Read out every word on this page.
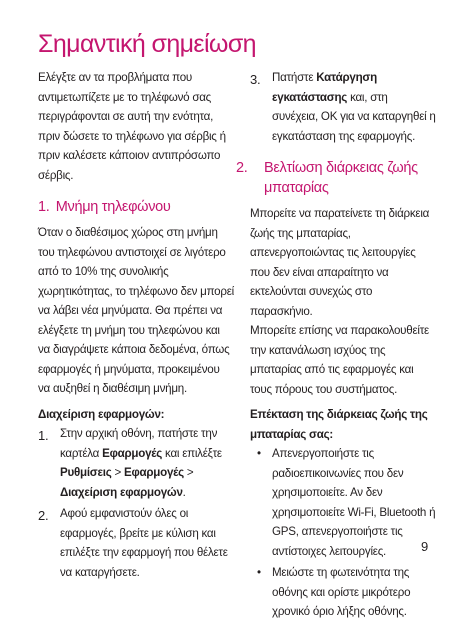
Σημαντική σημείωση

Ελέγξτε αν τα προβλήματα που αντιμετωπίζετε με το τηλέφωνό σας περιγράφονται σε αυτή την ενότητα, πριν δώσετε το τηλέφωνο για σέρβις ή πριν καλέσετε κάποιον αντιπρόσωπο σέρβις.

1. Μνήμη τηλεφώνου

Όταν ο διαθέσιμος χώρος στη μνήμη του τηλεφώνου αντιστοιχεί σε λιγότερο από το 10% της συνολικής χωρητικότητας, το τηλέφωνο δεν μπορεί να λάβει νέα μηνύματα. Θα πρέπει να ελέγξετε τη μνήμη του τηλεφώνου και να διαγράψετε κάποια δεδομένα, όπως εφαρμογές ή μηνύματα, προκειμένου να αυξηθεί η διαθέσιμη μνήμη.

Διαχείριση εφαρμογών:

1. Στην αρχική οθόνη, πατήστε την καρτέλα Εφαρμογές και επιλέξτε Ρυθμίσεις > Εφαρμογές > Διαχείριση εφαρμογών.
2. Αφού εμφανιστούν όλες οι εφαρμογές, βρείτε με κύλιση και επιλέξτε την εφαρμογή που θέλετε να καταργήσετε.
3. Πατήστε Κατάργηση εγκατάστασης και, στη συνέχεια, OK για να καταργηθεί η εγκατάσταση της εφαρμογής.
2. Βελτίωση διάρκειας ζωής μπαταρίας

Μπορείτε να παρατείνετε τη διάρκεια ζωής της μπαταρίας, απενεργοποιώντας τις λειτουργίες που δεν είναι απαραίτητο να εκτελούνται συνεχώς στο παρασκήνιο.

Μπορείτε επίσης να παρακολουθείτε την κατανάλωση ισχύος της μπαταρίας από τις εφαρμογές και τους πόρους του συστήματος.

Επέκταση της διάρκειας ζωής της μπαταρίας σας:

• Απενεργοποιήστε τις ραδιοεπικοινωνίες που δεν χρησιμοποιείτε. Αν δεν χρησιμοποιείτε Wi-Fi, Bluetooth ή GPS, απενεργοποιήστε τις αντίστοιχες λειτουργίες.
• Μειώστε τη φωτεινότητα της οθόνης και ορίστε μικρότερο χρονικό όριο λήξης οθόνης.
9
